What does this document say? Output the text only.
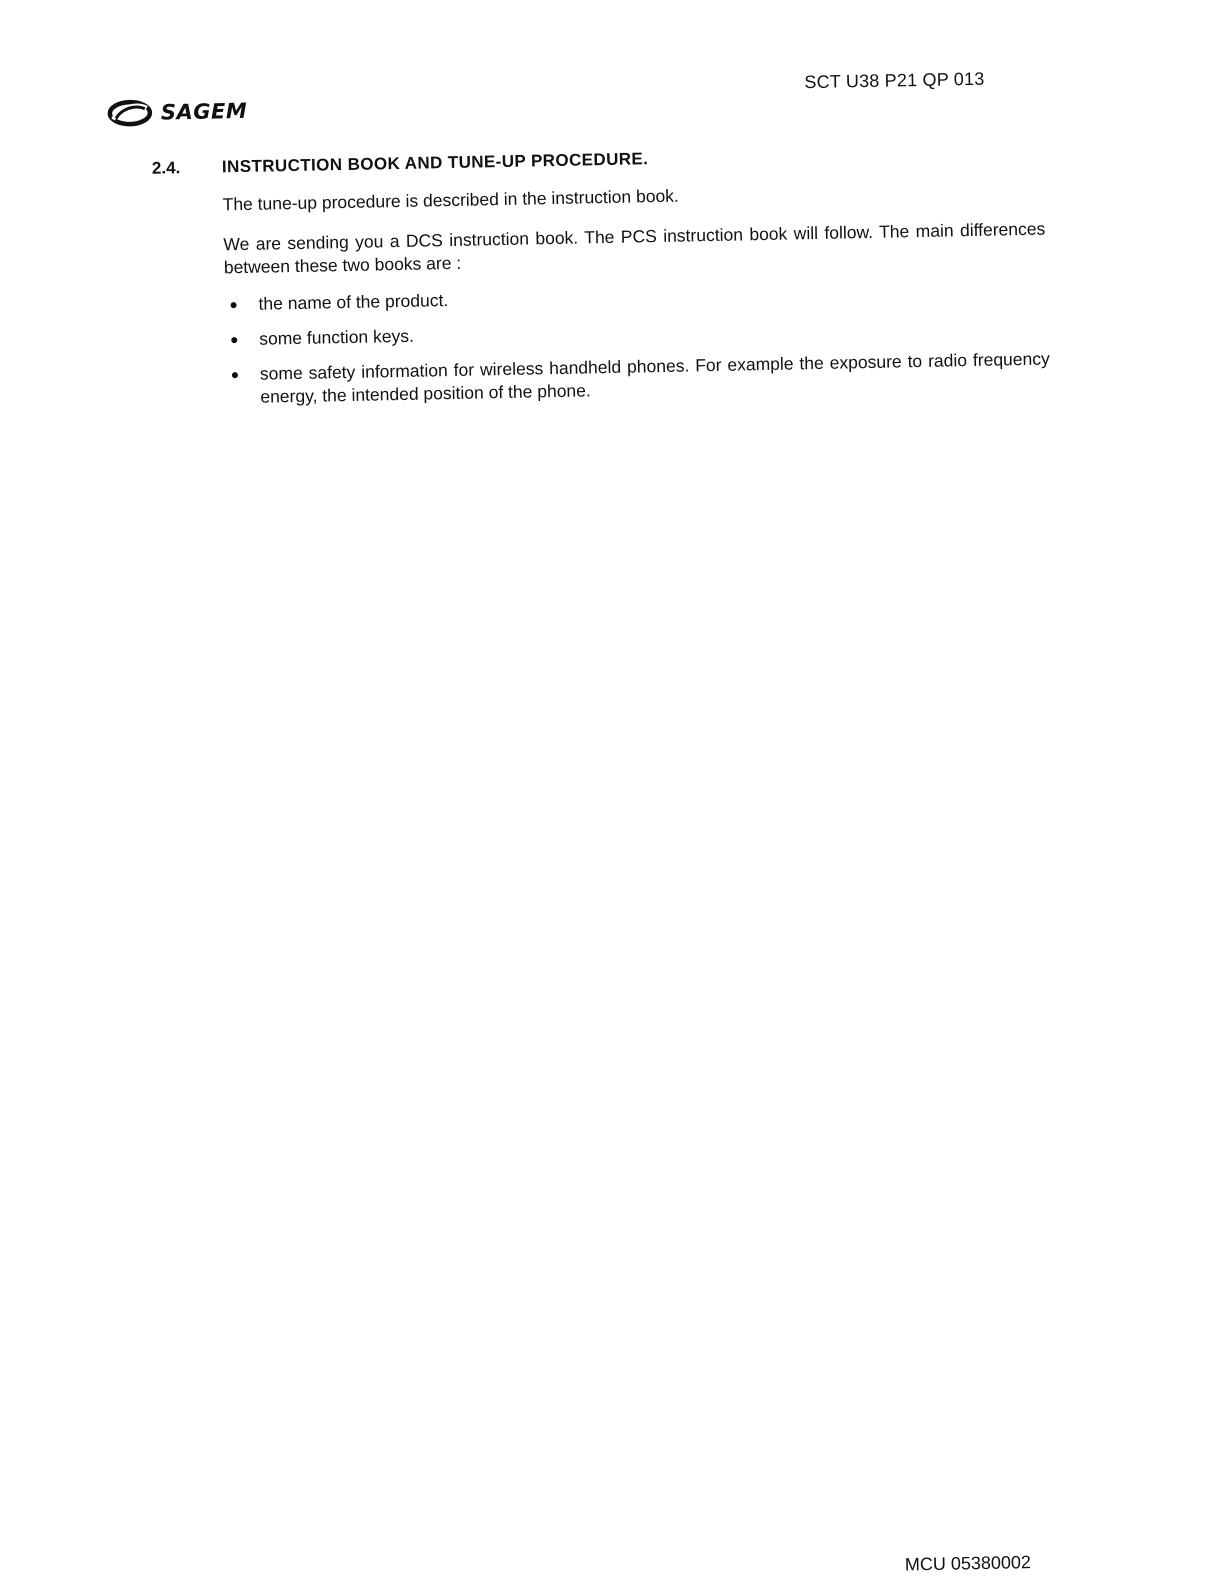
SCT U38 P21 QP 013
SAGEM
2.4. INSTRUCTION BOOK AND TUNE-UP PROCEDURE.
The tune-up procedure is described in the instruction book.
We are sending you a DCS instruction book. The PCS instruction book will follow. The main differences between these two books are :
the name of the product.
some function keys.
some safety information for wireless handheld phones. For example the exposure to radio frequency energy, the intended position of the phone.
MCU 05380002
